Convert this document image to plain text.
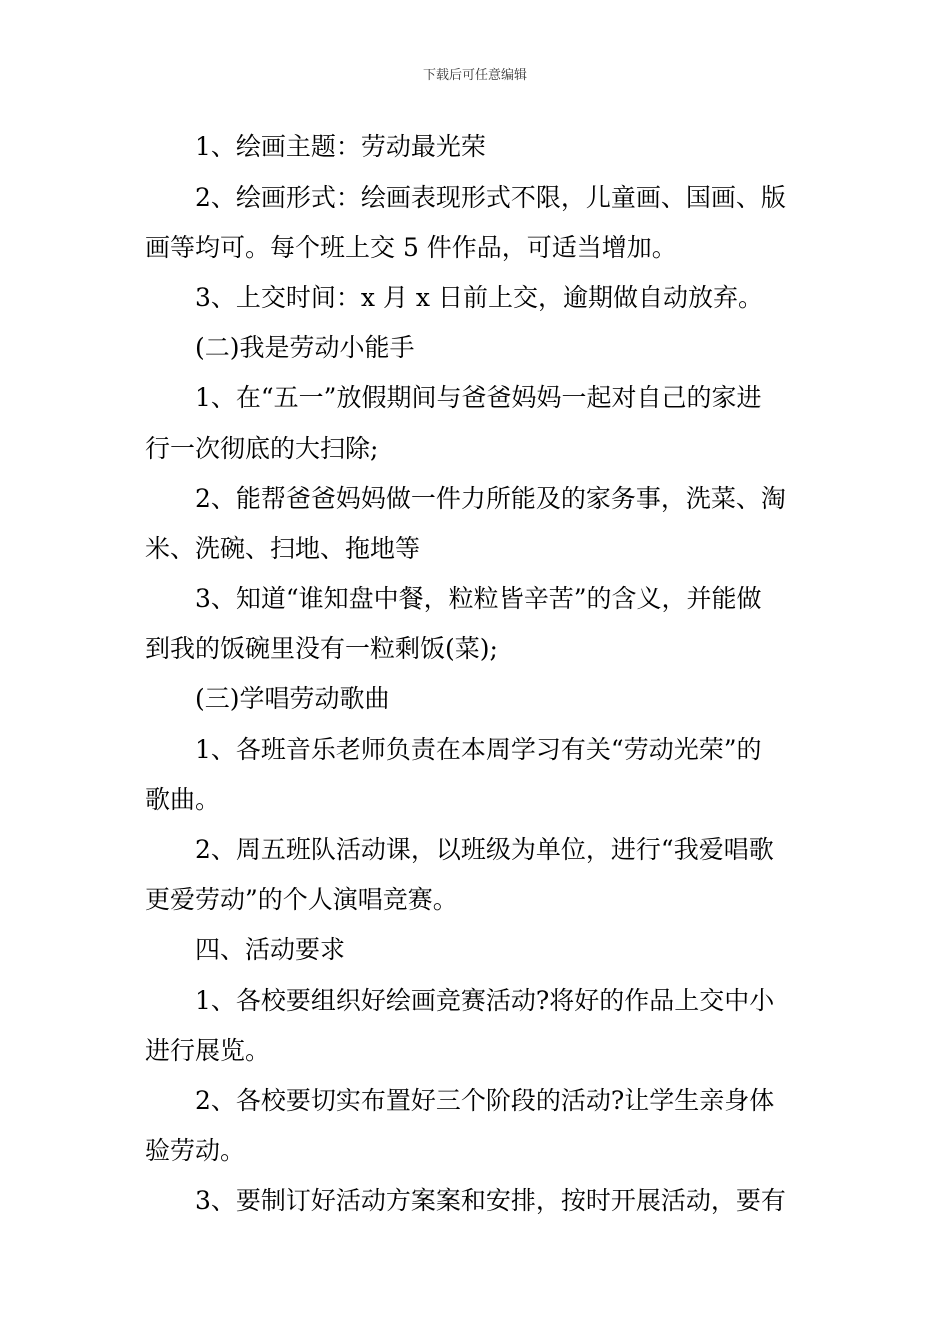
下载后可任意编辑
1、绘画主题：劳动最光荣
2、绘画形式：绘画表现形式不限，儿童画、国画、版
画等均可。每个班上交 5 件作品，可适当增加。
3、上交时间：x 月 x 日前上交，逾期做自动放弃。
(二)我是劳动小能手
1、在“五一”放假期间与爸爸妈妈一起对自己的家进
行一次彻底的大扫除;
2、能帮爸爸妈妈做一件力所能及的家务事，洗菜、淘
米、洗碗、扫地、拖地等
3、知道“谁知盘中餐，粒粒皆辛苦”的含义，并能做
到我的饭碗里没有一粒剩饭(菜);
(三)学唱劳动歌曲
1、各班音乐老师负责在本周学习有关“劳动光荣”的
歌曲。
2、周五班队活动课，以班级为单位，进行“我爱唱歌
更爱劳动”的个人演唱竞赛。
四、活动要求
1、各校要组织好绘画竞赛活动?将好的作品上交中小
进行展览。
2、各校要切实布置好三个阶段的活动?让学生亲身体
验劳动。
3、要制订好活动方案案和安排，按时开展活动，要有
